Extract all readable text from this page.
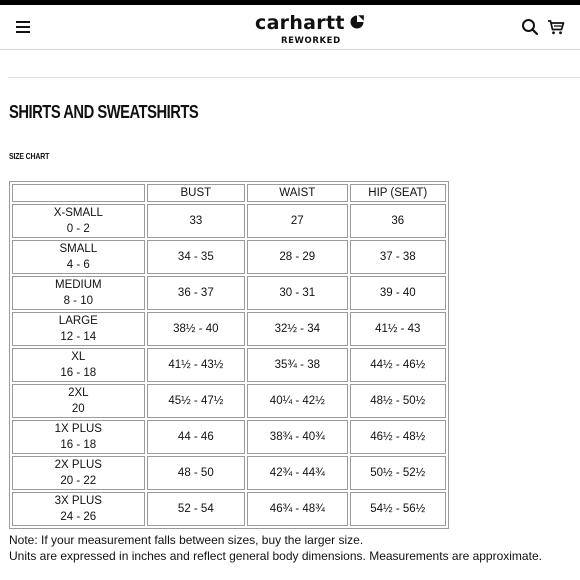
carhartt
REWORKED
SHIRTS AND SWEATSHIRTS
SIZE CHART
	BUST	WAIST	HIP (SEAT)

X-SMALL
0 - 2	33	27	36

SMALL
4 - 6	34 - 35	28 - 29	37 - 38

MEDIUM
8 - 10	36 - 37	30 - 31	39 - 40

LARGE
12 - 14	38½ - 40	32½ - 34	41½ - 43

XL
16 - 18	41½ - 43½	35¾ - 38	44½ - 46½

2XL
20	45½ - 47½	40¼ - 42½	48½ - 50½

1X PLUS
16 - 18	44 - 46	38¾ - 40¾	46½ - 48½

2X PLUS
20 - 22	48 - 50	42¾ - 44¾	50½ - 52½

3X PLUS
24 - 26	52 - 54	46¾ - 48¾	54½ - 56½
Note: If your measurement falls between sizes, buy the larger size.
Units are expressed in inches and reflect general body dimensions. Measurements are approximate.
